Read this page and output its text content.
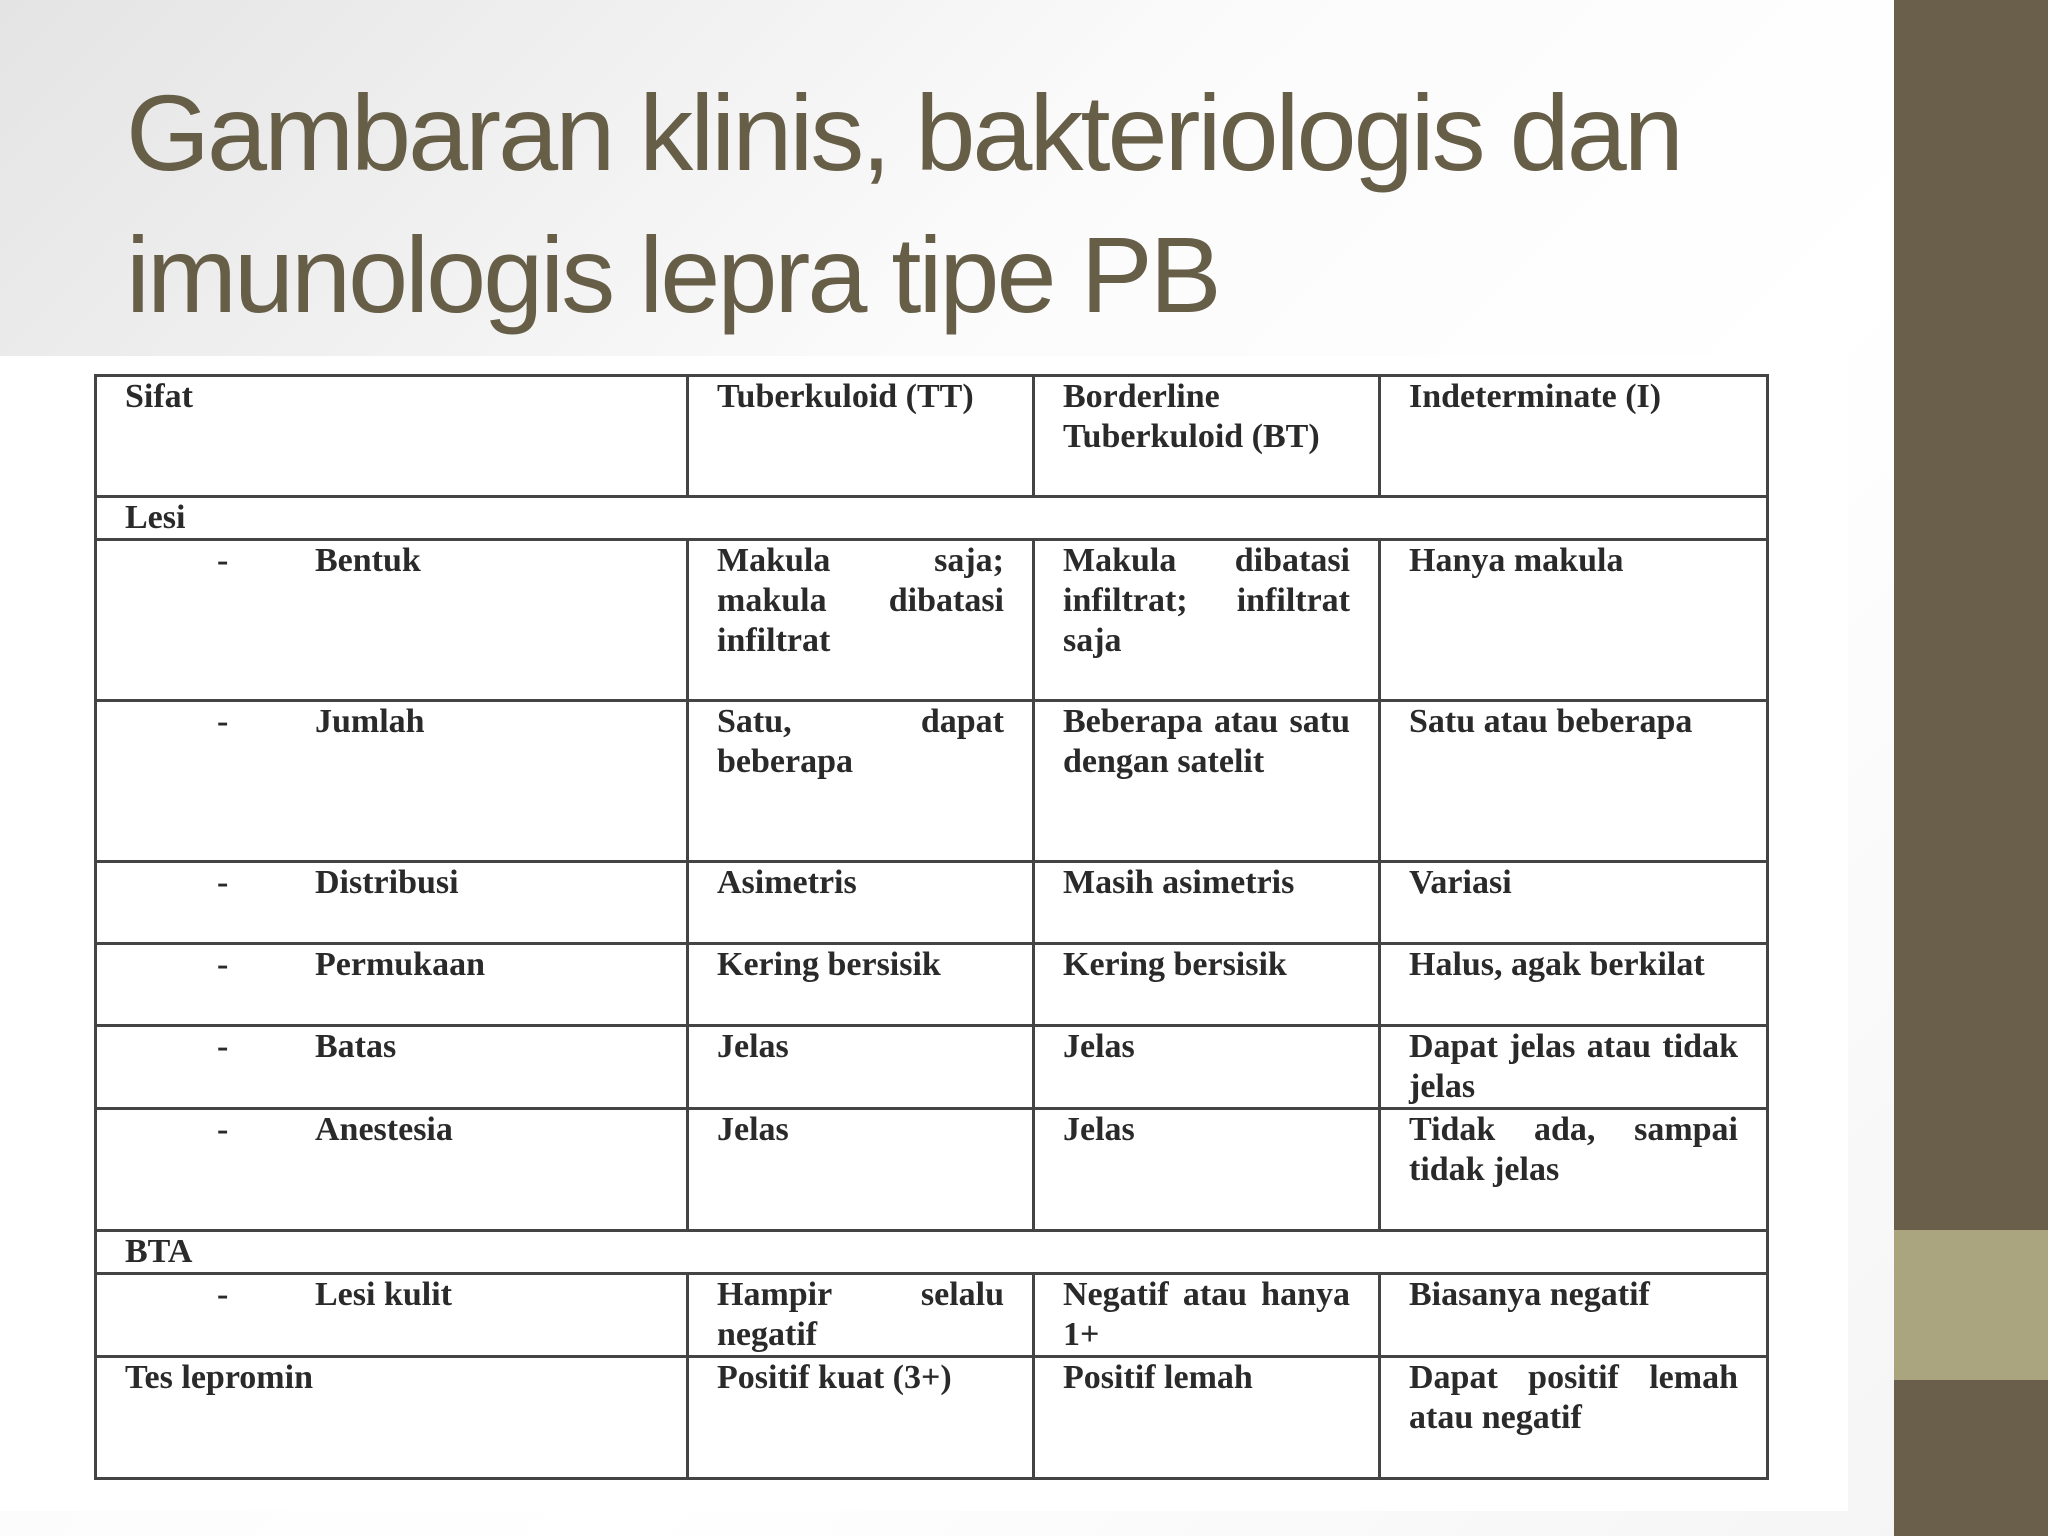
Gambaran klinis, bakteriologis dan
imunologis lepra tipe PB
Sifat	Tuberkuloid (TT)	Borderline Tuberkuloid (BT)	Indeterminate (I)
Lesi			

- Bentuk	Makula saja; makula dibatasi infiltrat	Makula dibatasi infiltrat; infiltrat saja	Hanya makula

- Jumlah	Satu, dapat beberapa	Beberapa atau satu dengan satelit	Satu atau beberapa

- Distribusi	Asimetris	Masih asimetris	Variasi

- Permukaan	Kering bersisik	Kering bersisik	Halus, agak berkilat

- Batas	Jelas	Jelas	Dapat jelas atau tidak jelas

- Anestesia	Jelas	Jelas	Tidak ada, sampai tidak jelas
BTA			

- Lesi kulit	Hampir selalu negatif	Negatif atau hanya 1+	Biasanya negatif
Tes lepromin	Positif kuat (3+)	Positif lemah	Dapat positif lemah atau negatif
